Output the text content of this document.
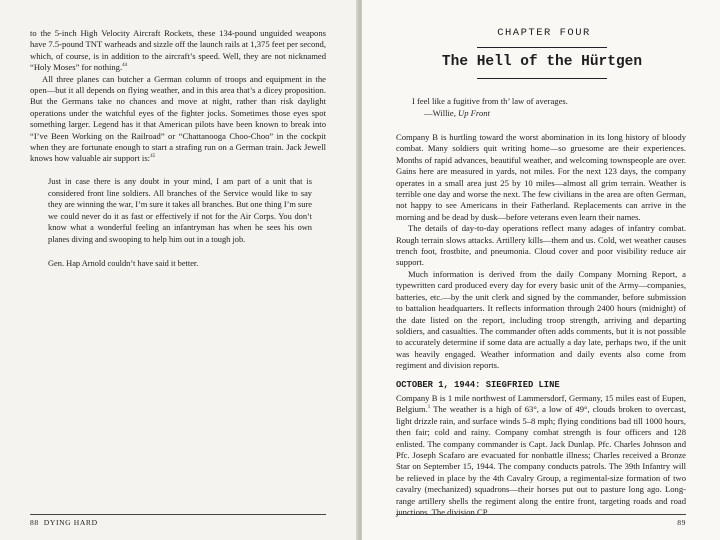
to the 5-inch High Velocity Aircraft Rockets, these 134-pound unguided weapons have 7.5-pound TNT warheads and sizzle off the launch rails at 1,375 feet per second, which, of course, is in addition to the aircraft’s speed. Well, they are not nicknamed “Holy Moses” for nothing.$^{44}$

All three planes can butcher a German column of troops and equipment in the open—but it all depends on flying weather, and in this area that’s a dicey proposition. But the Germans take no chances and move at night, rather than risk daylight operations under the watchful eyes of the fighter jocks. Sometimes those eyes spot something larger. Legend has it that American pilots have been known to break into “I’ve Been Working on the Railroad” or “Chattanooga Choo-Choo” in the cockpit when they are fortunate enough to start a strafing run on a German train. Jack Jewell knows how valuable air support is:$^{45}$

Just in case there is any doubt in your mind, I am part of a unit that is considered front line soldiers. All branches of the Service would like to say they are winning the war, I’m sure it takes all branches. But one thing I’m sure we could never do it as fast or effectively if not for the Air Corps. You don’t know what a wonderful feeling an infantryman has when he sees his own planes diving and swooping to help him out in a tough job.

Gen. Hap Arnold couldn’t have said it better.

88 DYING HARD
CHAPTER FOUR
The Hell of the Hürtgen

I feel like a fugitive from th’ law of averages.

—Willie, Up Front

Company B is hurtling toward the worst abomination in its long history of bloody combat. Many soldiers quit writing home—so gruesome are their experiences. Months of rapid advances, beautiful weather, and welcoming townspeople are over. Gains here are measured in yards, not miles. For the next 123 days, the company operates in a small area just 25 by 10 miles—almost all grim terrain. Weather is terrible one day and worse the next. The few civilians in the area are often German, not happy to see Americans in their Fatherland. Replacements can arrive in the morning and be dead by dusk—before veterans even learn their names.

The details of day-to-day operations reflect many adages of infantry combat. Rough terrain slows attacks. Artillery kills—them and us. Cold, wet weather causes trench foot, frostbite, and pneumonia. Cloud cover and poor visibility reduce air support.

Much information is derived from the daily Company Morning Report, a typewritten card produced every day for every basic unit of the Army—companies, batteries, etc.—by the unit clerk and signed by the commander, before submission to battalion headquarters. It reflects information through 2400 hours (midnight) of the date listed on the report, including troop strength, arriving and departing soldiers, and casualties. The commander often adds comments, but it is not possible to accurately determine if some data are actually a day late, perhaps two, if the unit was heavily engaged. Weather information and daily events also come from regiment and division reports.

OCTOBER 1, 1944: SIEGFRIED LINE

Company B is 1 mile northwest of Lammersdorf, Germany, 15 miles east of Eupen, Belgium.$^1$ The weather is a high of 63°, a low of 49°, clouds broken to overcast, light drizzle rain, and surface winds 5–8 mph; flying conditions bad till 1000 hours, then fair; cold and rainy. Company combat strength is four officers and 128 enlisted. The company commander is Capt. Jack Dunlap. Pfc. Charles Johnson and Pfc. Joseph Scafaro are evacuated for nonbattle illness; Charles received a Bronze Star on September 15, 1944. The company conducts patrols. The 39th Infantry will be relieved in place by the 4th Cavalry Group, a regimental-size formation of two cavalry (mechanized) squadrons—their horses put out to pasture long ago. Long-range artillery shells the regiment along the entire front, targeting roads and road junctions. The division CP

89
